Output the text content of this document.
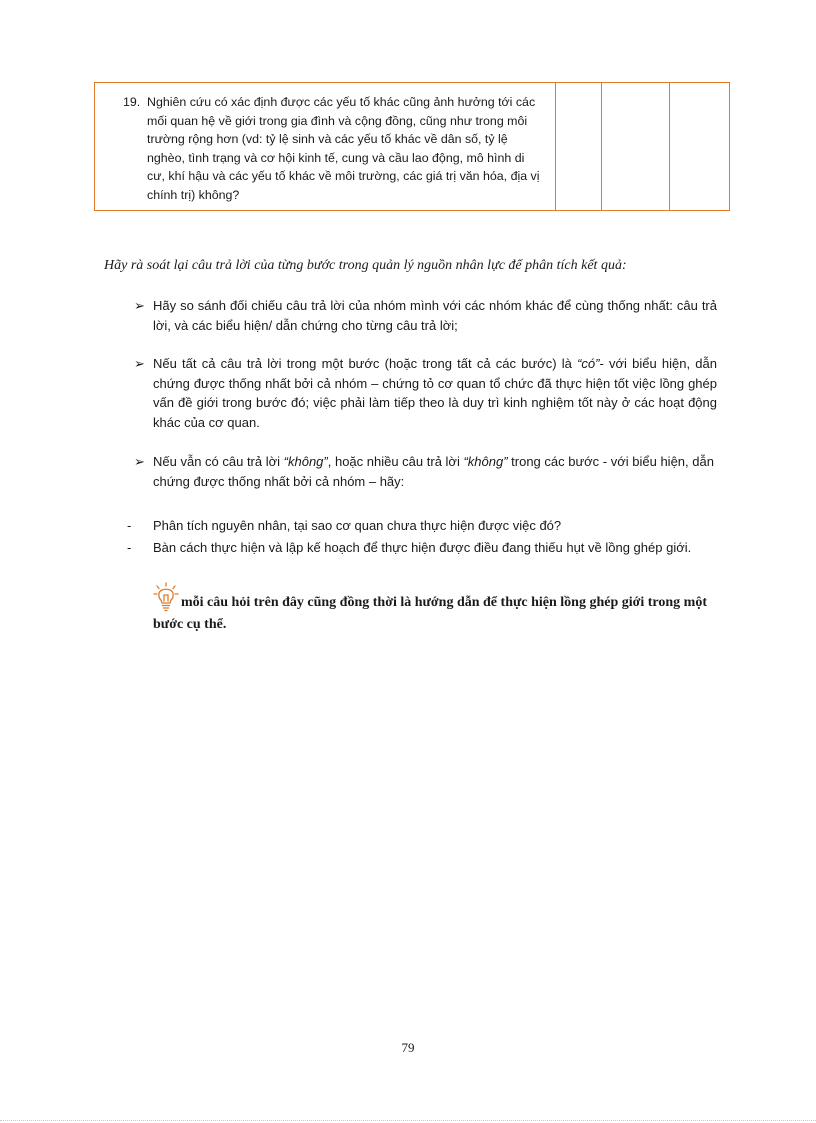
19. Nghiên cứu có xác định được các yếu tố khác cũng ảnh hưởng tới các mối quan hệ về giới trong gia đình và cộng đồng, cũng như trong môi trường rộng hơn (vd: tỷ lệ sinh và các yếu tố khác về dân số, tỷ lệ nghèo, tình trạng và cơ hội kinh tế, cung và cầu lao động, mô hình di cư, khí hậu và các yếu tố khác về môi trường, các giá trị văn hóa, địa vị chính trị) không?
Hãy rà soát lại câu trả lời của từng bước trong quản lý nguồn nhân lực để phân tích kết quả:
➢ Hãy so sánh đối chiếu câu trả lời của nhóm mình với các nhóm khác để cùng thống nhất: câu trả lời, và các biểu hiện/ dẫn chứng cho từng câu trả lời;
➢ Nếu tất cả câu trả lời trong một bước (hoặc trong tất cả các bước) là “có”- với biểu hiện, dẫn chứng được thống nhất bởi cả nhóm – chứng tỏ cơ quan tổ chức đã thực hiện tốt việc lồng ghép vấn đề giới trong bước đó; việc phải làm tiếp theo là duy trì kinh nghiệm tốt này ở các hoạt động khác của cơ quan.
➢ Nếu vẫn có câu trả lời “không”, hoặc nhiều câu trả lời “không” trong các bước - với biểu hiện, dẫn chứng được thống nhất bởi cả nhóm – hãy:
- Phân tích nguyên nhân, tại sao cơ quan chưa thực hiện được việc đó?
- Bàn cách thực hiện và lập kế hoạch để thực hiện được điều đang thiếu hụt về lồng ghép giới.
mỗi câu hỏi trên đây cũng đồng thời là hướng dẫn để thực hiện lồng ghép giới trong một bước cụ thể.
79
